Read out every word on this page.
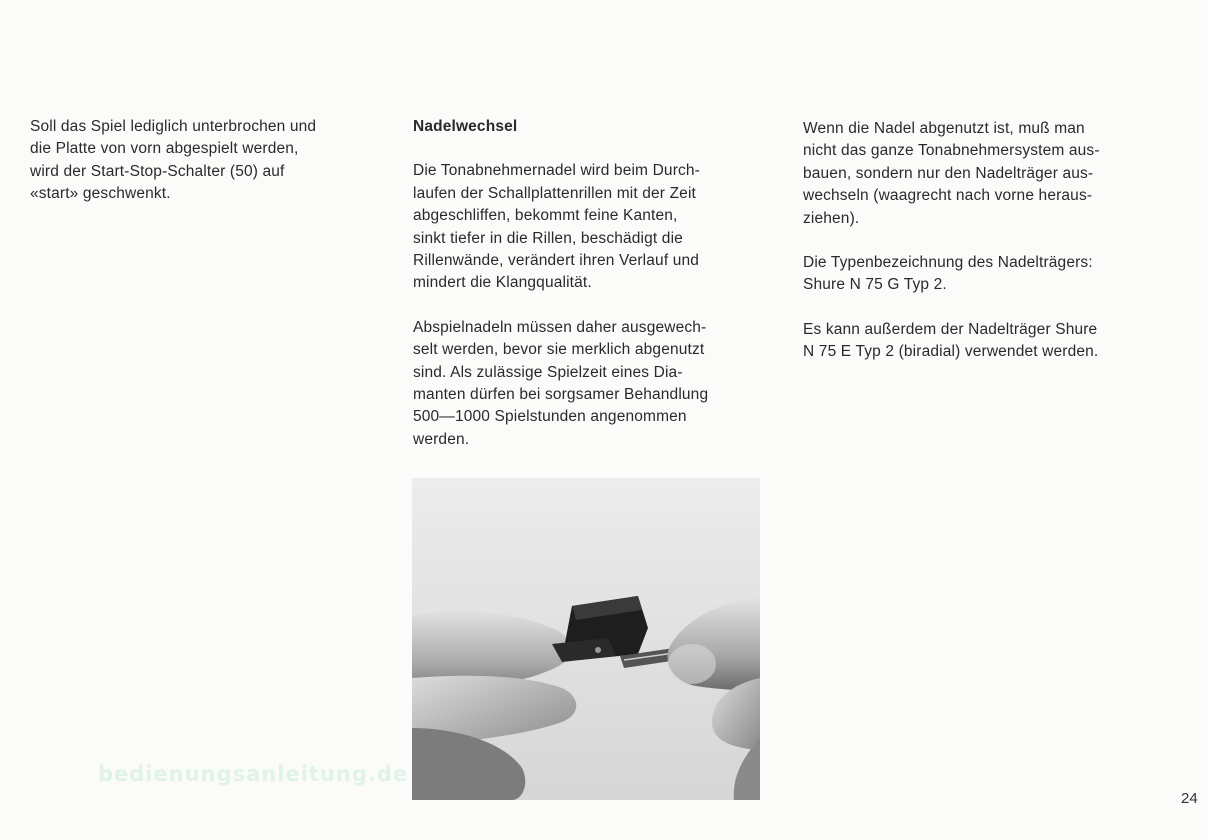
Soll das Spiel lediglich unterbrochen und
die Platte von vorn abgespielt werden,
wird der Start-Stop-Schalter (50) auf
«start» geschwenkt.

Nadelwechsel

Die Tonabnehmernadel wird beim Durch-
laufen der Schallplattenrillen mit der Zeit
abgeschliffen, bekommt feine Kanten,
sinkt tiefer in die Rillen, beschädigt die
Rillenwände, verändert ihren Verlauf und
mindert die Klangqualität.

Abspielnadeln müssen daher ausgewech-
selt werden, bevor sie merklich abgenutzt
sind. Als zulässige Spielzeit eines Dia-
manten dürfen bei sorgsamer Behandlung
500—1000 Spielstunden angenommen
werden.

Wenn die Nadel abgenutzt ist, muß man
nicht das ganze Tonabnehmersystem aus-
bauen, sondern nur den Nadelträger aus-
wechseln (waagrecht nach vorne heraus-
ziehen).

Die Typenbezeichnung des Nadelträgers:
Shure N 75 G Typ 2.

Es kann außerdem der Nadelträger Shure
N 75 E Typ 2 (biradial) verwendet werden.

bedienungsanleitung.de
24
